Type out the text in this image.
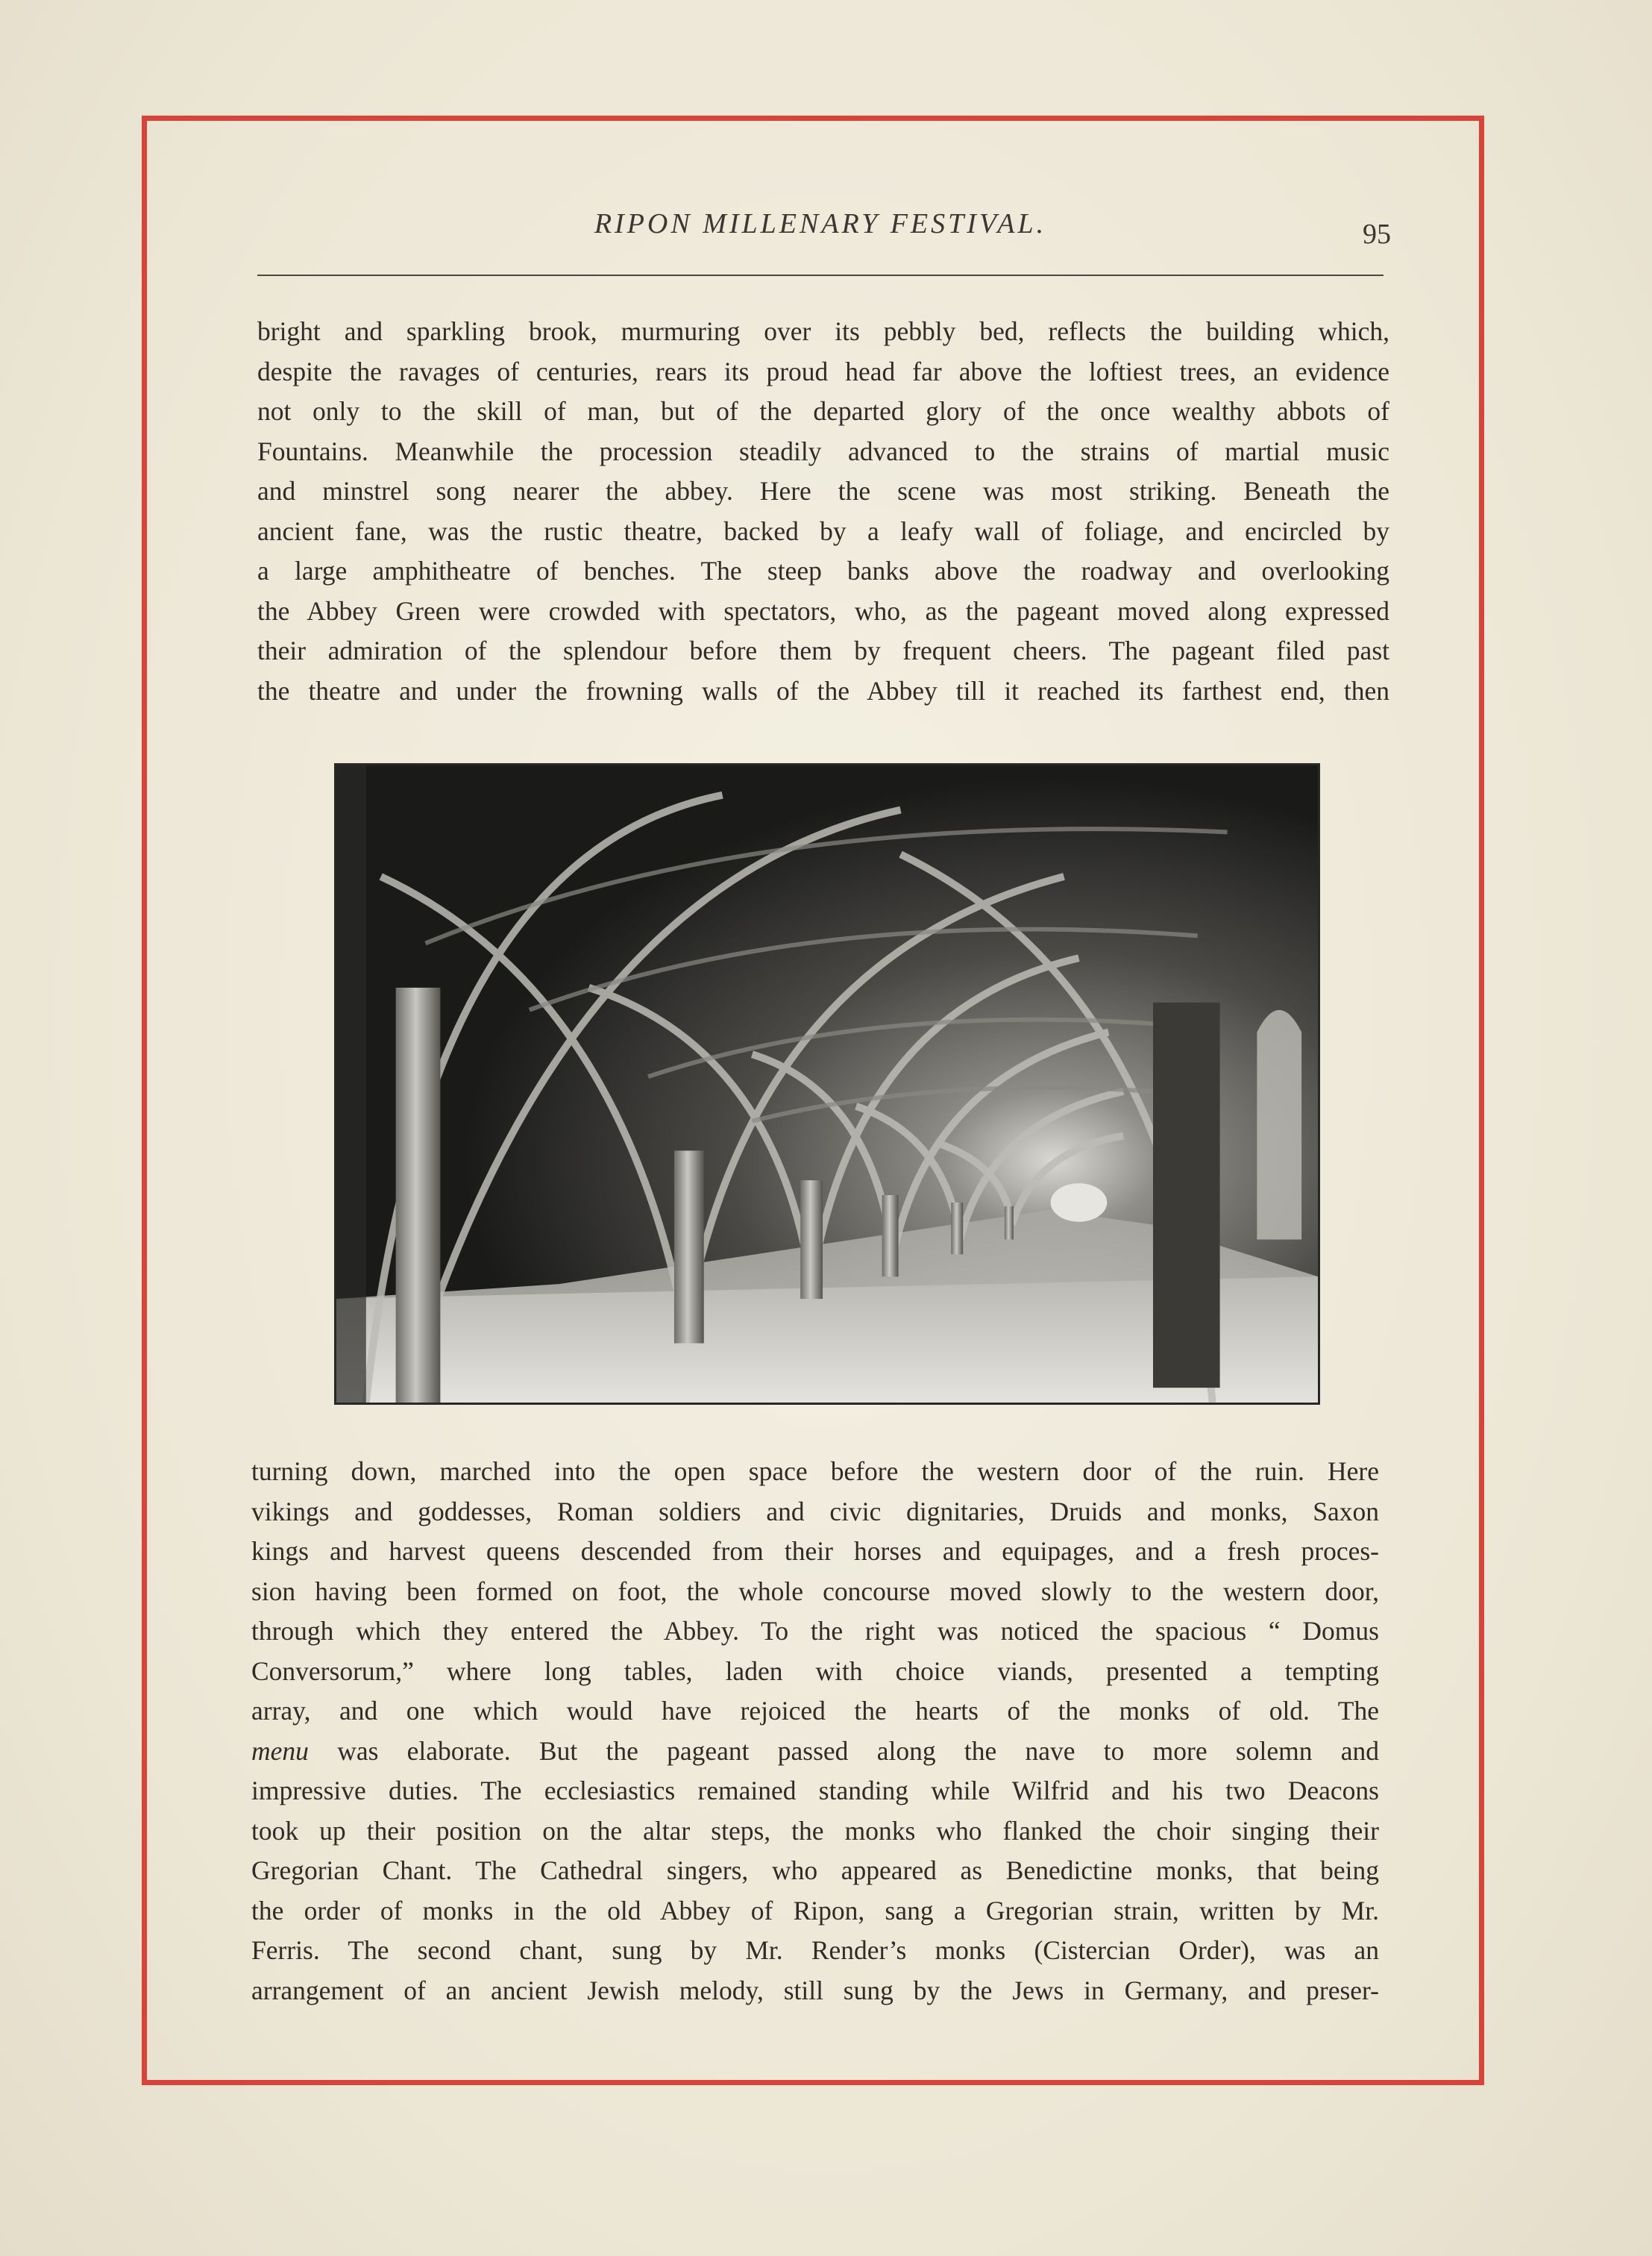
RIPON MILLENARY FESTIVAL.	95
bright and sparkling brook, murmuring over its pebbly bed, reflects the building which,
despite the ravages of centuries, rears its proud head far above the loftiest trees, an evidence
not only to the skill of man, but of the departed glory of the once wealthy abbots of
Fountains. Meanwhile the procession steadily advanced to the strains of martial music
and minstrel song nearer the abbey. Here the scene was most striking. Beneath the
ancient fane, was the rustic theatre, backed by a leafy wall of foliage, and encircled by
a large amphitheatre of benches. The steep banks above the roadway and overlooking
the Abbey Green were crowded with spectators, who, as the pageant moved along expressed
their admiration of the splendour before them by frequent cheers. The pageant filed past
the theatre and under the frowning walls of the Abbey till it reached its farthest end, then
turning down, marched into the open space before the western door of the ruin. Here
vikings and goddesses, Roman soldiers and civic dignitaries, Druids and monks, Saxon
kings and harvest queens descended from their horses and equipages, and a fresh proces-
sion having been formed on foot, the whole concourse moved slowly to the western door,
through which they entered the Abbey. To the right was noticed the spacious “ Domus
Conversorum,” where long tables, laden with choice viands, presented a tempting
array, and one which would have rejoiced the hearts of the monks of old. The
menu was elaborate. But the pageant passed along the nave to more solemn and
impressive duties. The ecclesiastics remained standing while Wilfrid and his two Deacons
took up their position on the altar steps, the monks who flanked the choir singing their
Gregorian Chant. The Cathedral singers, who appeared as Benedictine monks, that being
the order of monks in the old Abbey of Ripon, sang a Gregorian strain, written by Mr.
Ferris. The second chant, sung by Mr. Render’s monks (Cistercian Order), was an
arrangement of an ancient Jewish melody, still sung by the Jews in Germany, and preser-
